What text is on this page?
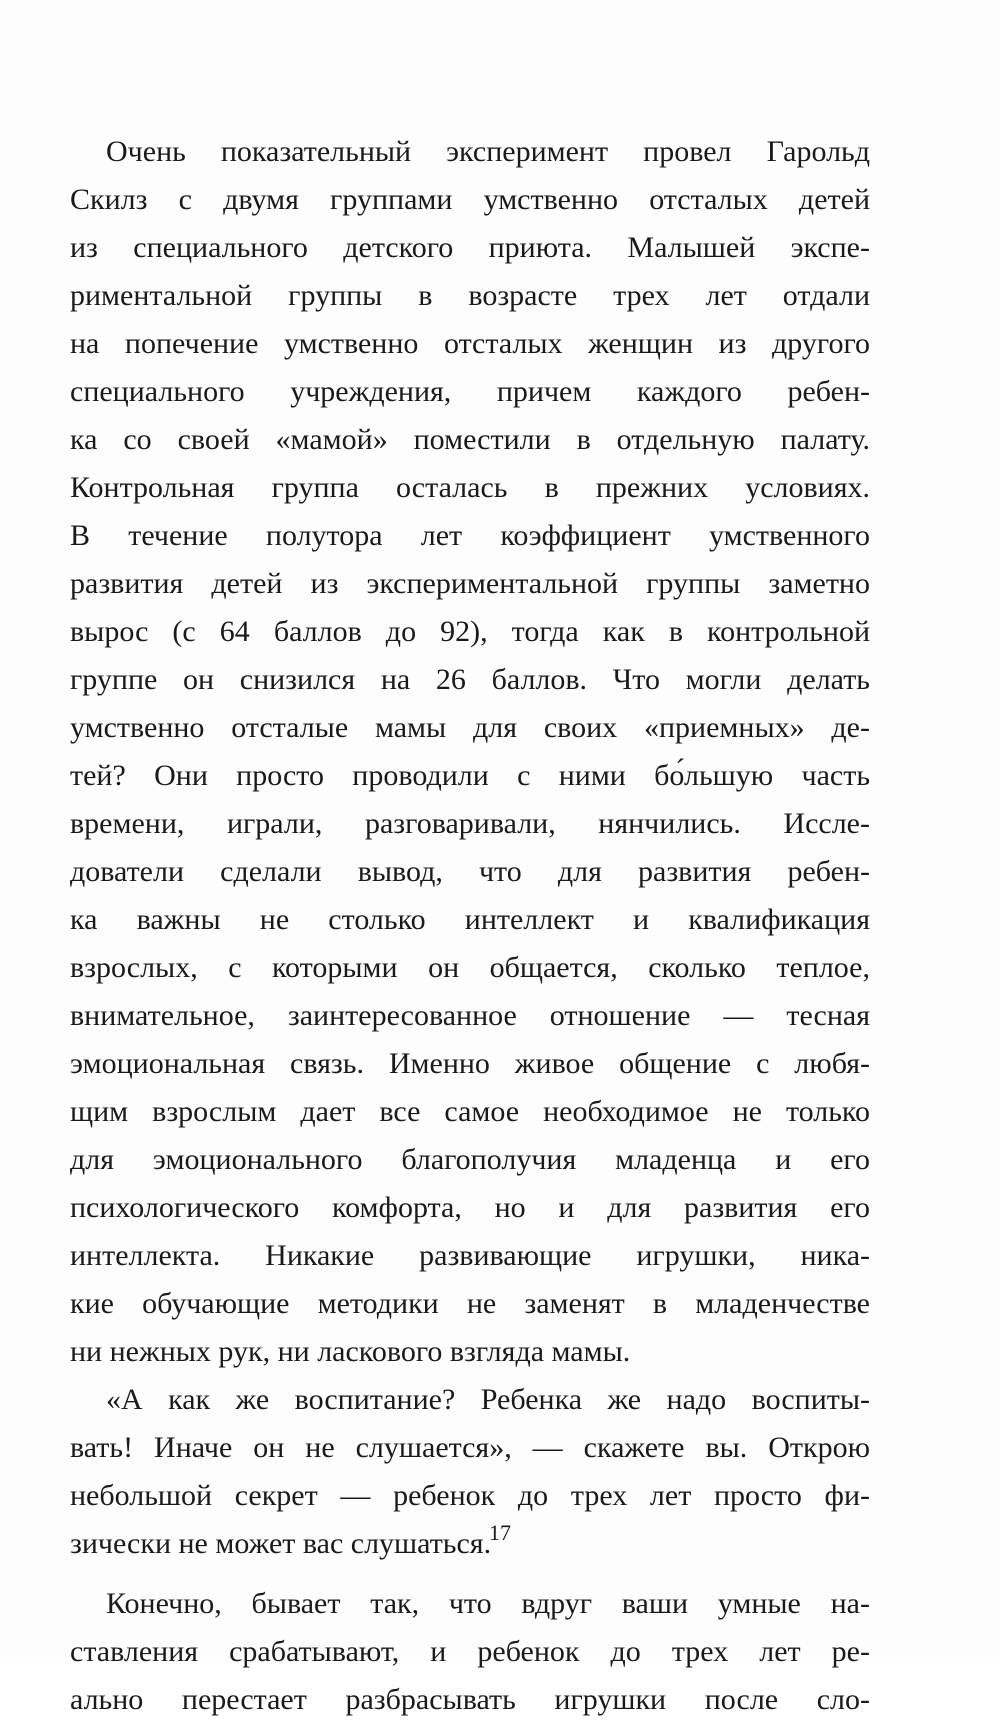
Очень показательный эксперимент провел Гарольд
Скилз с двумя группами умственно отсталых детей
из специального детского приюта. Малышей экспе-
риментальной группы в возрасте трех лет отдали
на попечение умственно отсталых женщин из другого
специального учреждения, причем каждого ребен-
ка со своей «мамой» поместили в отдельную палату.
Контрольная группа осталась в прежних условиях.
В течение полутора лет коэффициент умственного
развития детей из экспериментальной группы заметно
вырос (с 64 баллов до 92), тогда как в контрольной
группе он снизился на 26 баллов. Что могли делать
умственно отсталые мамы для своих «приемных» де-
тей? Они просто проводили с ними бо́льшую часть
времени, играли, разговаривали, нянчились. Иссле-
дователи сделали вывод, что для развития ребен-
ка важны не столько интеллект и квалификация
взрослых, с которыми он общается, сколько теплое,
внимательное, заинтересованное отношение — тесная
эмоциональная связь. Именно живое общение с любя-
щим взрослым дает все самое необходимое не только
для эмоционального благополучия младенца и его
психологического комфорта, но и для развития его
интеллекта. Никакие развивающие игрушки, ника-
кие обучающие методики не заменят в младенчестве
ни нежных рук, ни ласкового взгляда мамы.
«А как же воспитание? Ребенка же надо воспиты-
вать! Иначе он не слушается», — скажете вы. Открою
небольшой секрет — ребенок до трех лет просто фи-
зически не может вас слушаться.
Конечно, бывает так, что вдруг ваши умные на-
ставления срабатывают, и ребенок до трех лет ре-
ально перестает разбрасывать игрушки после сло-
17
